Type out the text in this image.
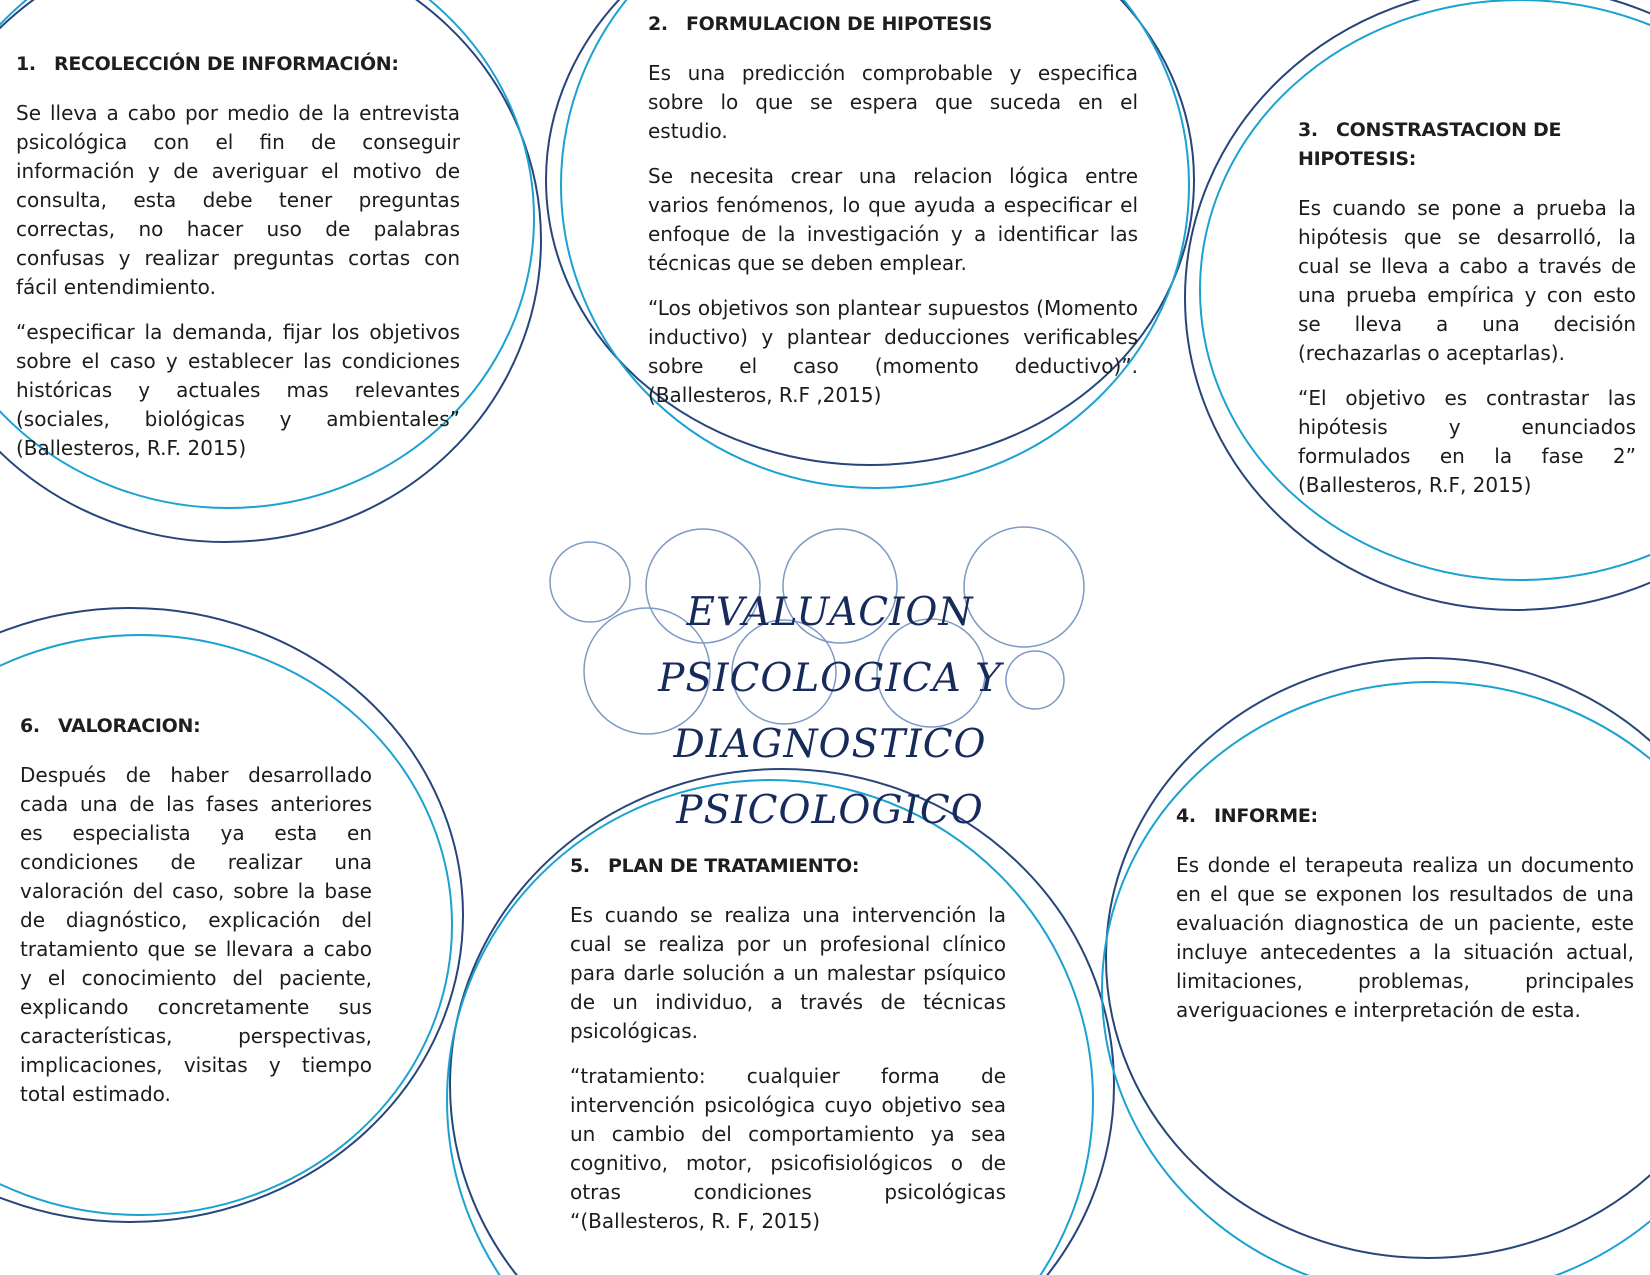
EVALUACION PSICOLOGICA Y
DIAGNOSTICO PSICOLOGICO
1. RECOLECCIÓN DE INFORMACIÓN:

Se lleva a cabo por medio de la entrevista psicológica con el fin de conseguir información y de averiguar el motivo de consulta, esta debe tener preguntas correctas, no hacer uso de palabras confusas y realizar preguntas cortas con fácil entendimiento.

“especificar la demanda, fijar los objetivos sobre el caso y establecer las condiciones históricas y actuales mas relevantes (sociales, biológicas y ambientales” (Ballesteros, R.F. 2015)

2. FORMULACION DE HIPOTESIS

Es una predicción comprobable y especifica sobre lo que se espera que suceda en el estudio.

Se necesita crear una relacion lógica entre varios fenómenos, lo que ayuda a especificar el enfoque de la investigación y a identificar las técnicas que se deben emplear.

“Los objetivos son plantear supuestos (Momento inductivo) y plantear deducciones verificables sobre el caso (momento deductivo)”. (Ballesteros, R.F ,2015)

3. CONSTRASTACION DE HIPOTESIS:

Es cuando se pone a prueba la hipótesis que se desarrolló, la cual se lleva a cabo a través de una prueba empírica y con esto se lleva a una decisión (rechazarlas o aceptarlas).

“El objetivo es contrastar las hipótesis y enunciados formulados en la fase 2” (Ballesteros, R.F, 2015)

4. INFORME:

Es donde el terapeuta realiza un documento en el que se exponen los resultados de una evaluación diagnostica de un paciente, este incluye antecedentes a la situación actual, limitaciones, problemas, principales averiguaciones e interpretación de esta.

5. PLAN DE TRATAMIENTO:

Es cuando se realiza una intervención la cual se realiza por un profesional clínico para darle solución a un malestar psíquico de un individuo, a través de técnicas psicológicas.

“tratamiento: cualquier forma de intervención psicológica cuyo objetivo sea un cambio del comportamiento ya sea cognitivo, motor, psicofisiológicos o de otras condiciones psicológicas “(Ballesteros, R. F, 2015)

6. VALORACION:

Después de haber desarrollado cada una de las fases anteriores es especialista ya esta en condiciones de realizar una valoración del caso, sobre la base de diagnóstico, explicación del tratamiento que se llevara a cabo y el conocimiento del paciente, explicando concretamente sus características, perspectivas, implicaciones, visitas y tiempo total estimado.
